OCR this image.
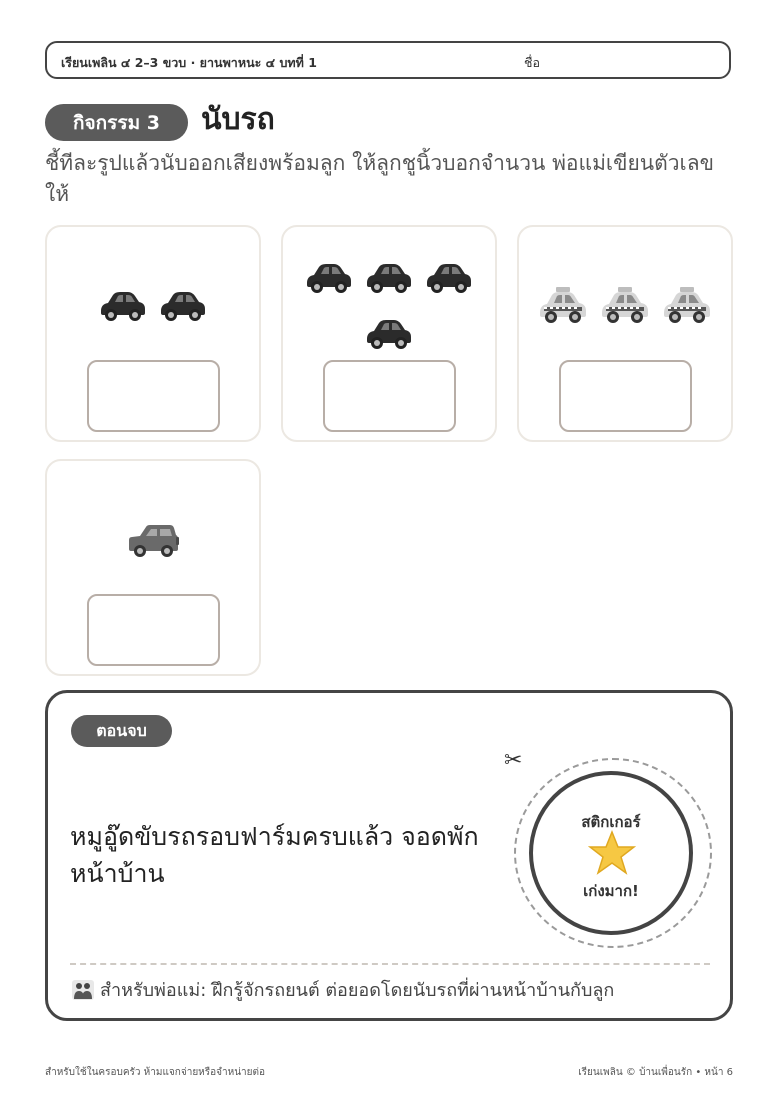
เรียนเพลิน ๔ 2–3 ขวบ · ยานพาหนะ ๔ บทที่ 1	ชื่อ
กิจกรรม 3	นับรถ
ชี้ทีละรูปแล้วนับออกเสียงพร้อมลูก ให้ลูกชูนิ้วบอกจำนวน พ่อแม่เขียนตัวเลขให้
ตอนจบ
หมูอู๊ดขับรถรอบฟาร์มครบแล้ว จอดพักหน้าบ้าน
✂
สติกเกอร์
เก่งมาก!
สำหรับพ่อแม่: ฝึกรู้จักรถยนต์ ต่อยอดโดยนับรถที่ผ่านหน้าบ้านกับลูก
สำหรับใช้ในครอบครัว ห้ามแจกจ่ายหรือจำหน่ายต่อ	เรียนเพลิน © บ้านเพื่อนรัก • หน้า 6
